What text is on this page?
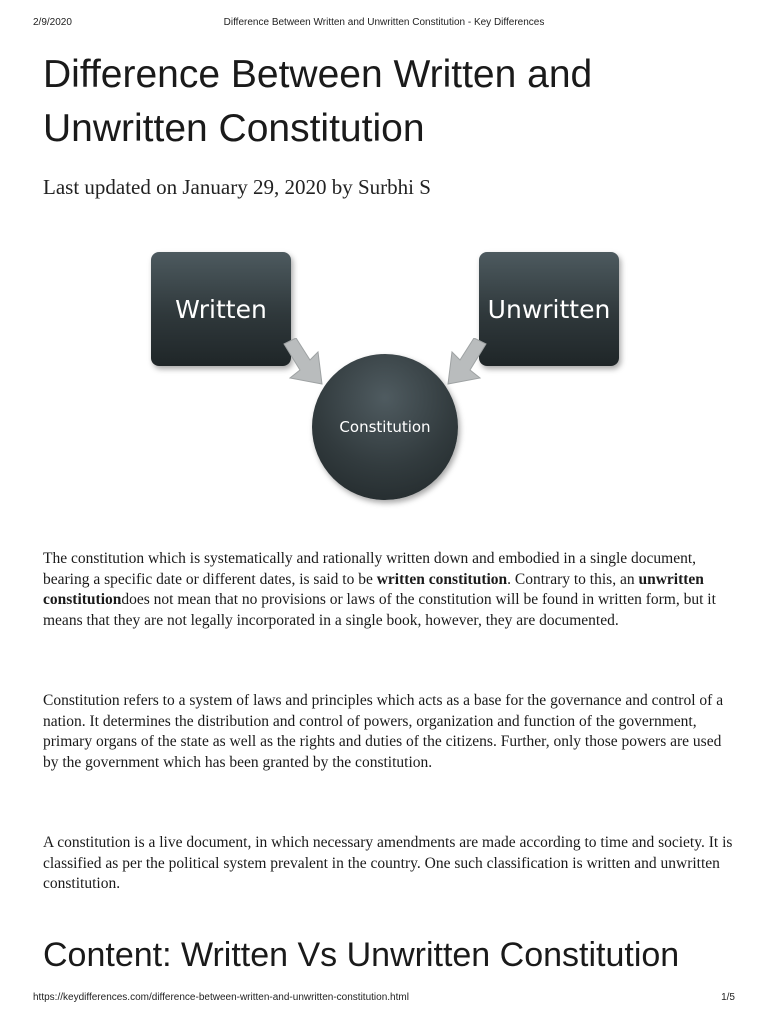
2/9/2020	Difference Between Written and Unwritten Constitution - Key Differences
Difference Between Written and Unwritten Constitution

Last updated on January 29, 2020 by Surbhi S

Written	Unwritten
Constitution

The constitution which is systematically and rationally written down and embodied in a single document, bearing a specific date or different dates, is said to be written constitution. Contrary to this, an unwritten constitutiondoes not mean that no provisions or laws of the constitution will be found in written form, but it means that they are not legally incorporated in a single book, however, they are documented.

Constitution refers to a system of laws and principles which acts as a base for the governance and control of a nation. It determines the distribution and control of powers, organization and function of the government, primary organs of the state as well as the rights and duties of the citizens. Further, only those powers are used by the government which has been granted by the constitution.

A constitution is a live document, in which necessary amendments are made according to time and society. It is classified as per the political system prevalent in the country. One such classification is written and unwritten constitution.

Content: Written Vs Unwritten Constitution
https://keydifferences.com/difference-between-written-and-unwritten-constitution.html	1/5
